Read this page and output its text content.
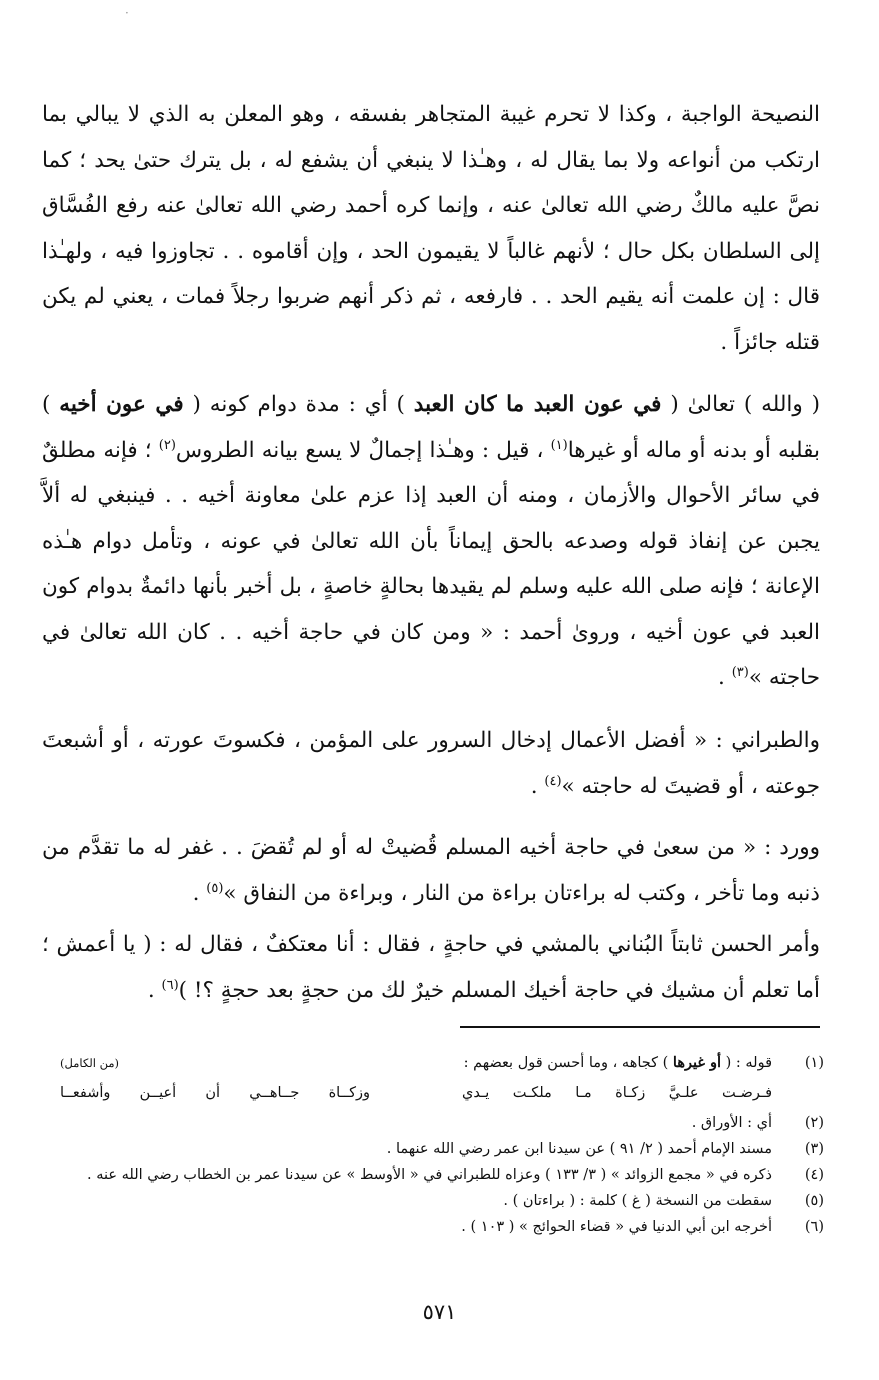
·

النصيحة الواجبة ، وكذا لا تحرم غيبة المتجاهر بفسقه ، وهو المعلن به الذي لا يبالي بما ارتكب من أنواعه ولا بما يقال له ، وهـٰذا لا ينبغي أن يشفع له ، بل يترك حتىٰ يحد ؛ كما نصَّ عليه مالكٌ رضي الله تعالىٰ عنه ، وإنما كره أحمد رضي الله تعالىٰ عنه رفع الفُسَّاق إلى السلطان بكل حال ؛ لأنهم غالباً لا يقيمون الحد ، وإن أقاموه . . تجاوزوا فيه ، ولهـٰذا قال : إن علمت أنه يقيم الحد . . فارفعه ، ثم ذكر أنهم ضربوا رجلاً فمات ، يعني لم يكن قتله جائزاً .

( والله ) تعالىٰ ( في عون العبد ما كان العبد ) أي : مدة دوام كونه ( في عون أخيه ) بقلبه أو بدنه أو ماله أو غيرها$^{(١)}$ ، قيل : وهـٰذا إجمالٌ لا يسع بيانه الطروس$^{(٢)}$ ؛ فإنه مطلقٌ في سائر الأحوال والأزمان ، ومنه أن العبد إذا عزم علىٰ معاونة أخيه . . فينبغي له ألاَّ يجبن عن إنفاذ قوله وصدعه بالحق إيماناً بأن الله تعالىٰ في عونه ، وتأمل دوام هـٰذه الإعانة ؛ فإنه صلى الله عليه وسلم لم يقيدها بحالةٍ خاصةٍ ، بل أخبر بأنها دائمةٌ بدوام كون العبد في عون أخيه ، وروىٰ أحمد : « ومن كان في حاجة أخيه . . كان الله تعالىٰ في حاجته »$^{(٣)}$ .

والطبراني : « أفضل الأعمال إدخال السرور على المؤمن ، فكسوتَ عورته ، أو أشبعتَ جوعته ، أو قضيتَ له حاجته »$^{(٤)}$ .

وورد : « من سعىٰ في حاجة أخيه المسلم قُضيتْ له أو لم تُقضَ . . غفر له ما تقدَّم من ذنبه وما تأخر ، وكتب له براءتان براءة من النار ، وبراءة من النفاق »$^{(٥)}$ .

وأمر الحسن ثابتاً البُناني بالمشي في حاجةٍ ، فقال : أنا معتكفٌ ، فقال له : ( يا أعمش ؛ أما تعلم أن مشيك في حاجة أخيك المسلم خيرٌ لك من حجةٍ بعد حجةٍ ؟! )$^{(٦)}$ .

(١)
قوله : ( أو غيرها ) كجاهه ، وما أحسن قول بعضهم :
(من الكامل)
فـرضـت علـيَّ زكـاة مـا ملكـت يـدي
وزكــاة جــاهــي أن أعيــن وأشفعــا
(٢)
أي : الأوراق .
(٣)
مسند الإمام أحمد ( ٢/ ٩١ ) عن سيدنا ابن عمر رضي الله عنهما .
(٤)
ذكره في « مجمع الزوائد » ( ٣/ ١٣٣ ) وعزاه للطبراني في « الأوسط » عن سيدنا عمر بن الخطاب رضي الله عنه .
(٥)
سقطت من النسخة ( غ ) كلمة : ( براءتان ) .
(٦)
أخرجه ابن أبي الدنيا في « قضاء الحوائج » ( ١٠٣ ) .
٥٧١
